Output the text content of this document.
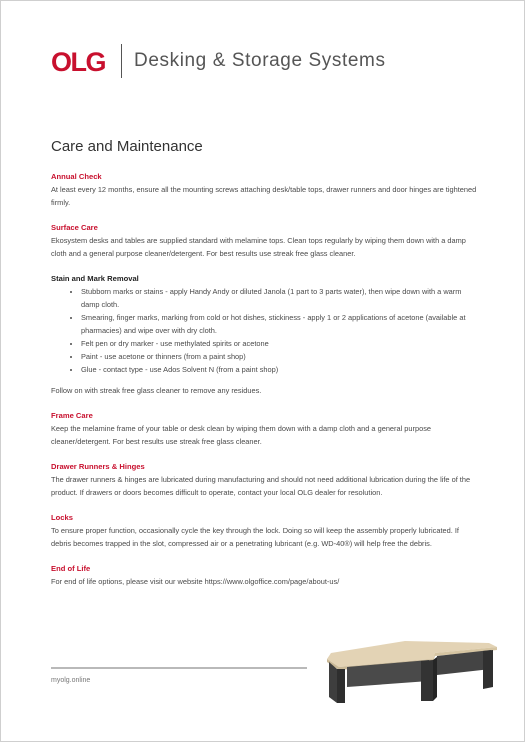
OLG Desking & Storage Systems
Care and Maintenance
Annual Check

At least every 12 months, ensure all the mounting screws attaching desk/table tops, drawer runners and door hinges are tightened firmly.

Surface Care

Ekosystem desks and tables are supplied standard with melamine tops. Clean tops regularly by wiping them down with a damp cloth and a general purpose cleaner/detergent. For best results use streak free glass cleaner.

Stain and Mark Removal
• Stubborn marks or stains - apply Handy Andy or diluted Janola (1 part to 3 parts water), then wipe down with a warm damp cloth.
• Smearing, finger marks, marking from cold or hot dishes, stickiness - apply 1 or 2 applications of acetone (available at pharmacies) and wipe over with dry cloth.
• Felt pen or dry marker - use methylated spirits or acetone
• Paint - use acetone or thinners (from a paint shop)
• Glue - contact type - use Ados Solvent N (from a paint shop)

Follow on with streak free glass cleaner to remove any residues.

Frame Care

Keep the melamine frame of your table or desk clean by wiping them down with a damp cloth and a general purpose cleaner/detergent. For best results use streak free glass cleaner.

Drawer Runners & Hinges

The drawer runners & hinges are lubricated during manufacturing and should not need additional lubrication during the life of the product. If drawers or doors becomes difficult to operate, contact your local OLG dealer for resolution.

Locks

To ensure proper function, occasionally cycle the key through the lock. Doing so will keep the assembly properly lubricated. If debris becomes trapped in the slot, compressed air or a penetrating lubricant (e.g. WD-40®) will help free the debris.

End of Life

For end of life options, please visit our website https://www.olgoffice.com/page/about-us/

myolg.online
